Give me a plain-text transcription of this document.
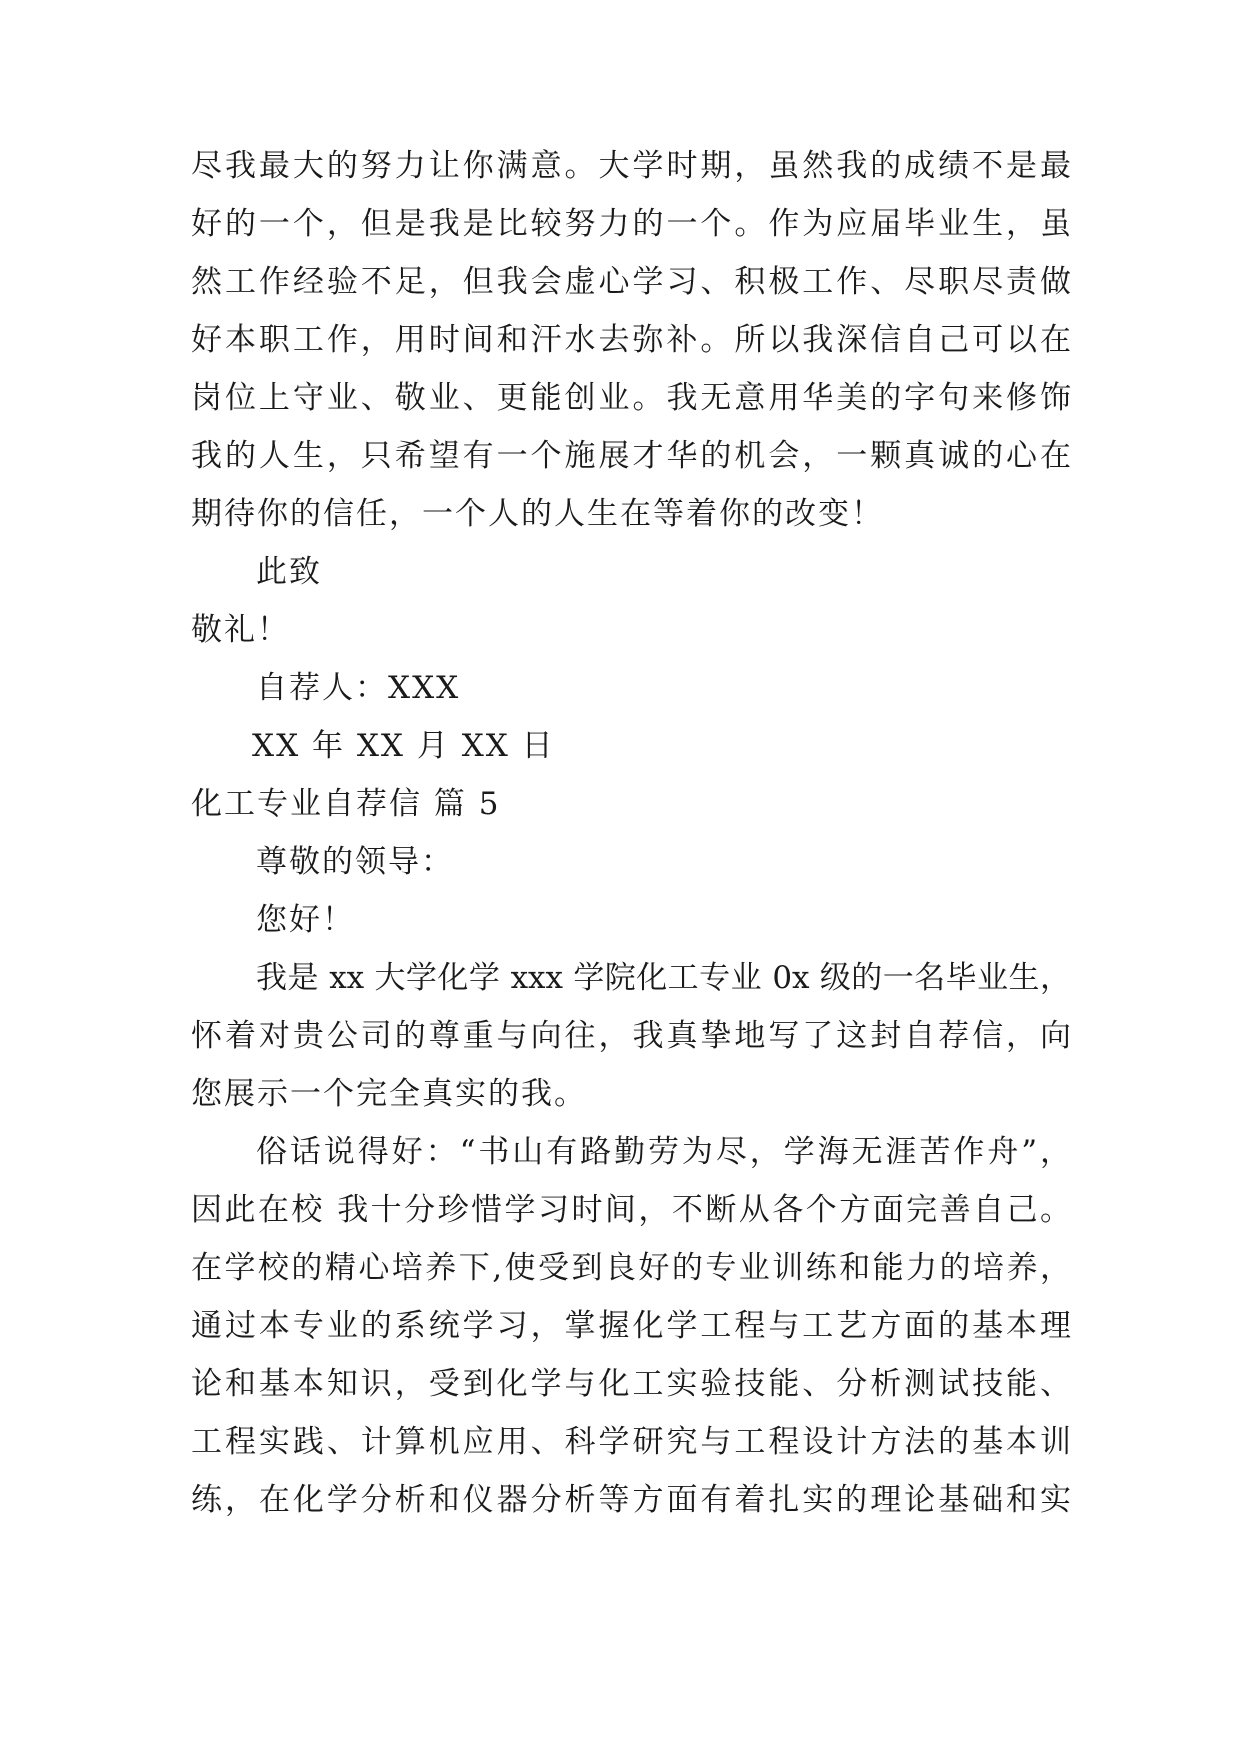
尽我最大的努力让你满意。大学时期，虽然我的成绩不是最
好的一个，但是我是比较努力的一个。作为应届毕业生，虽
然工作经验不足，但我会虚心学习、积极工作、尽职尽责做
好本职工作，用时间和汗水去弥补。所以我深信自己可以在
岗位上守业、敬业、更能创业。我无意用华美的字句来修饰
我的人生，只希望有一个施展才华的机会，一颗真诚的心在
期待你的信任，一个人的人生在等着你的改变！
此致
敬礼！
自荐人：XXX
XX 年 XX 月 XX 日
化工专业自荐信 篇 5
尊敬的领导：
您好！
我是 xx 大学化学 xxx 学院化工专业 0x 级的一名毕业生，
怀着对贵公司的尊重与向往，我真挚地写了这封自荐信，向
您展示一个完全真实的我。
俗话说得好：“书山有路勤劳为尽，学海无涯苦作舟”，
因此在校 我十分珍惜学习时间，不断从各个方面完善自己。
在学校的精心培养下,使受到良好的专业训练和能力的培养，
通过本专业的系统学习，掌握化学工程与工艺方面的基本理
论和基本知识，受到化学与化工实验技能、分析测试技能、
工程实践、计算机应用、科学研究与工程设计方法的基本训
练，在化学分析和仪器分析等方面有着扎实的理论基础和实
